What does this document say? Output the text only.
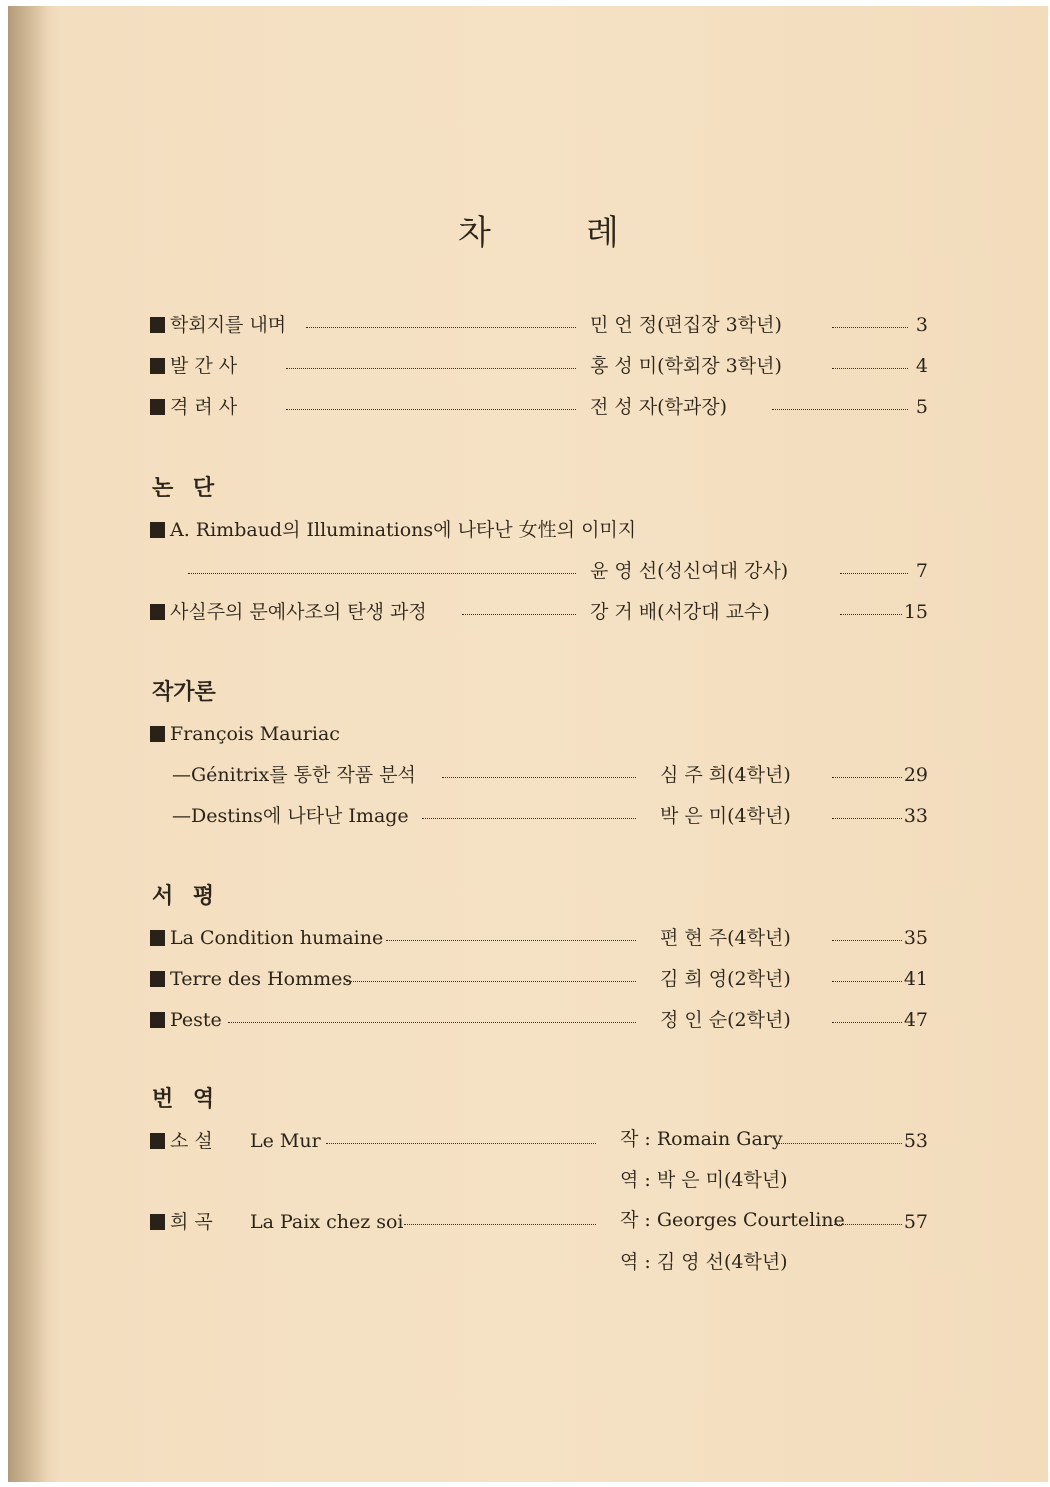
차	례
학회지를 내며	민 언 정(편집장 3학년)	3
발 간 사	홍 성 미(학회장 3학년)	4
격 려 사	전 성 자(학과장)	5
논 단
A. Rimbaud의 Illuminations에 나타난 女性의 이미지
윤 영 선(성신여대 강사)	7
사실주의 문예사조의 탄생 과정	강 거 배(서강대 교수)	15
작가론
François Mauriac
—Génitrix를 통한 작품 분석	심 주 희(4학년)	29
—Destins에 나타난 Image	박 은 미(4학년)	33
서 평
La Condition humaine	편 현 주(4학년)	35
Terre des Hommes	김 희 영(2학년)	41
Peste	정 인 순(2학년)	47
번 역
소 설 Le Mur	작 : Romain Gary	53
역 : 박 은 미(4학년)
희 곡 La Paix chez soi	작 : Georges Courteline	57
역 : 김 영 선(4학년)
